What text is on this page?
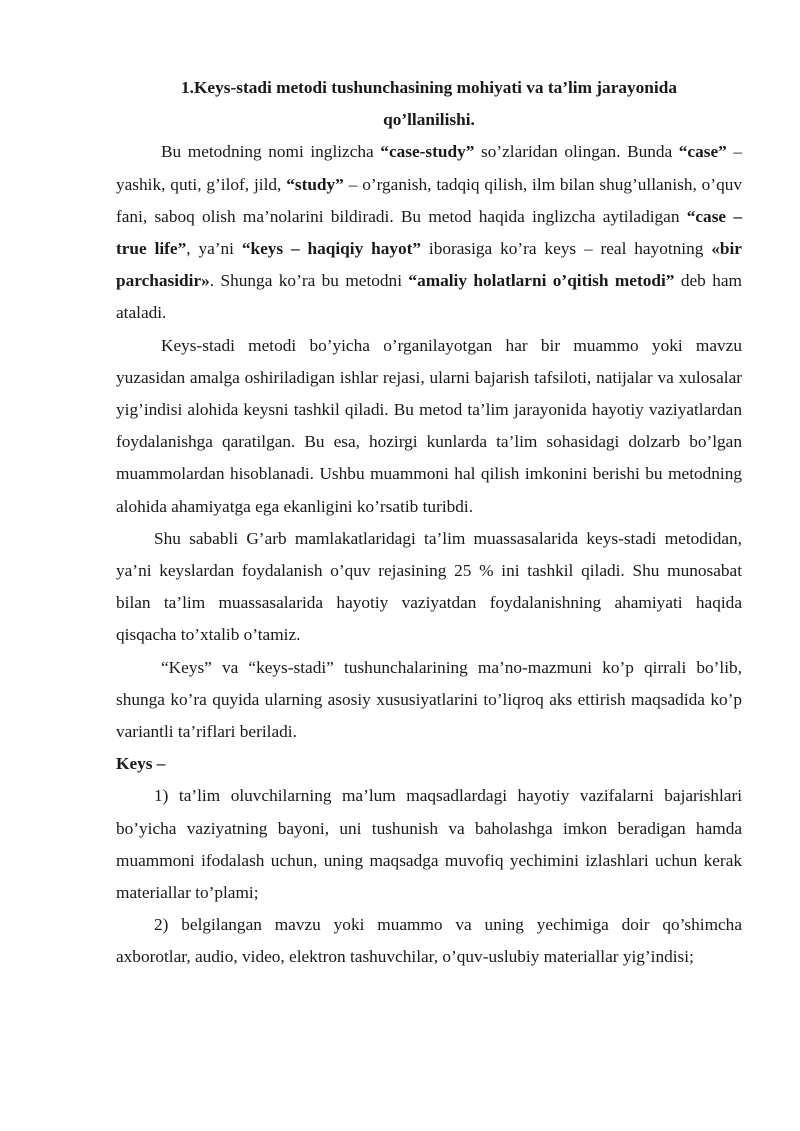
1.Keys-stadi metodi tushunchasining mohiyati va ta’lim jarayonida qo’llanilishi.

Bu metodning nomi inglizcha “case-study” so’zlaridan olingan. Bunda “case” – yashik, quti, g’ilof, jild, “study” – o’rganish, tadqiq qilish, ilm bilan shug’ullanish, o’quv fani, saboq olish ma’nolarini bildiradi. Bu metod haqida inglizcha aytiladigan “case – true life”, ya’ni “keys – haqiqiy hayot” iborasiga ko’ra keys – real hayotning «bir parchasidir». Shunga ko’ra bu metodni “amaliy holatlarni o’qitish metodi” deb ham ataladi.

Keys-stadi metodi bo’yicha o’rganilayotgan har bir muammo yoki mavzu yuzasidan amalga oshiriladigan ishlar rejasi, ularni bajarish tafsiloti, natijalar va xulosalar yig’indisi alohida keysni tashkil qiladi. Bu metod ta’lim jarayonida hayotiy vaziyatlardan foydalanishga qaratilgan. Bu esa, hozirgi kunlarda ta’lim sohasidagi dolzarb bo’lgan muammolardan hisoblanadi. Ushbu muammoni hal qilish imkonini berishi bu metodning alohida ahamiyatga ega ekanligini ko’rsatib turibdi.

Shu sababli G’arb mamlakatlaridagi ta’lim muassasalarida keys-stadi metodidan, ya’ni keyslardan foydalanish o’quv rejasining 25 % ini tashkil qiladi. Shu munosabat bilan ta’lim muassasalarida hayotiy vaziyatdan foydalanishning ahamiyati haqida qisqacha to’xtalib o’tamiz.

“Keys” va “keys-stadi” tushunchalarining ma’no-mazmuni ko’p qirrali bo’lib, shunga ko’ra quyida ularning asosiy xususiyatlarini to’liqroq aks ettirish maqsadida ko’p variantli ta’riflari beriladi.

Keys –

1) ta’lim oluvchilarning ma’lum maqsadlardagi hayotiy vazifalarni bajarishlari bo’yicha vaziyatning bayoni, uni tushunish va baholashga imkon beradigan hamda muammoni ifodalash uchun, uning maqsadga muvofiq yechimini izlashlari uchun kerak materiallar to’plami;

2) belgilangan mavzu yoki muammo va uning yechimiga doir qo’shimcha axborotlar, audio, video, elektron tashuvchilar, o’quv-uslubiy materiallar yig’indisi;
